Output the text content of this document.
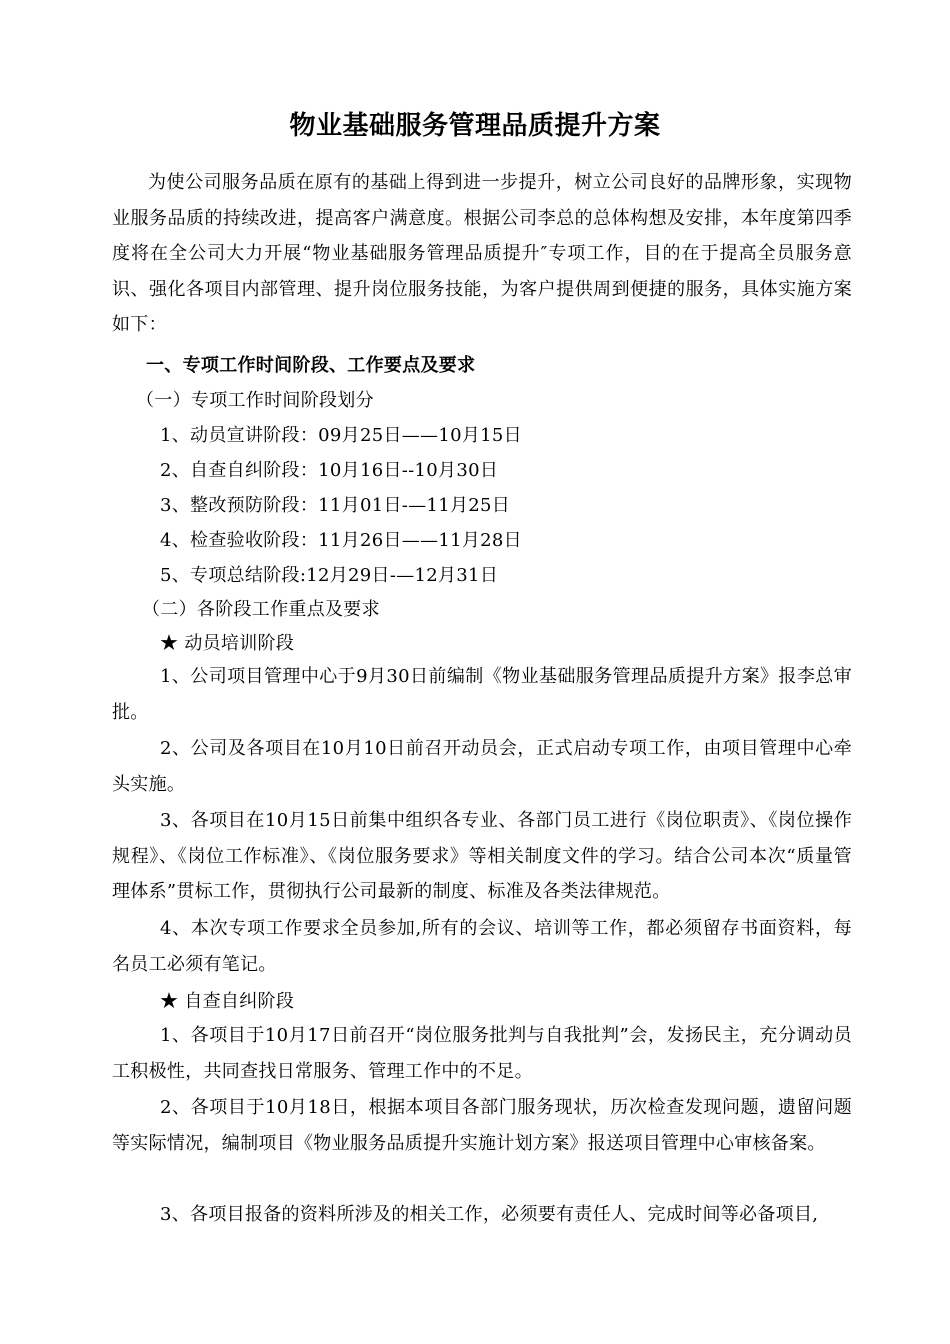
物业基础服务管理品质提升方案
为使公司服务品质在原有的基础上得到进一步提升，树立公司良好的品牌形象，实现物业服务品质的持续改进，提高客户满意度。根据公司李总的总体构想及安排，本年度第四季度将在全公司大力开展“物业基础服务管理品质提升″专项工作，目的在于提高全员服务意识、强化各项目内部管理、提升岗位服务技能，为客户提供周到便捷的服务，具体实施方案如下：
一、专项工作时间阶段、工作要点及要求
（一）专项工作时间阶段划分
1、动员宣讲阶段：09月25日——10月15日
2、自查自纠阶段：10月16日--10月30日
3、整改预防阶段：11月01日-—11月25日
4、检查验收阶段：11月26日——11月28日
5、专项总结阶段:12月29日-—12月31日
（二）各阶段工作重点及要求
★ 动员培训阶段
1、公司项目管理中心于9月30日前编制《物业基础服务管理品质提升方案》报李总审批。
2、公司及各项目在10月10日前召开动员会，正式启动专项工作，由项目管理中心牵头实施。
3、各项目在10月15日前集中组织各专业、各部门员工进行《岗位职责》、《岗位操作规程》、《岗位工作标准》、《岗位服务要求》等相关制度文件的学习。结合公司本次“质量管理体系”贯标工作，贯彻执行公司最新的制度、标准及各类法律规范。
4、本次专项工作要求全员参加,所有的会议、培训等工作，都必须留存书面资料，每名员工必须有笔记。
★ 自查自纠阶段
1、各项目于10月17日前召开“岗位服务批判与自我批判”会，发扬民主，充分调动员工积极性，共同查找日常服务、管理工作中的不足。
2、各项目于10月18日，根据本项目各部门服务现状，历次检查发现问题，遗留问题等实际情况，编制项目《物业服务品质提升实施计划方案》报送项目管理中心审核备案。
3、各项目报备的资料所涉及的相关工作，必须要有责任人、完成时间等必备项目,
